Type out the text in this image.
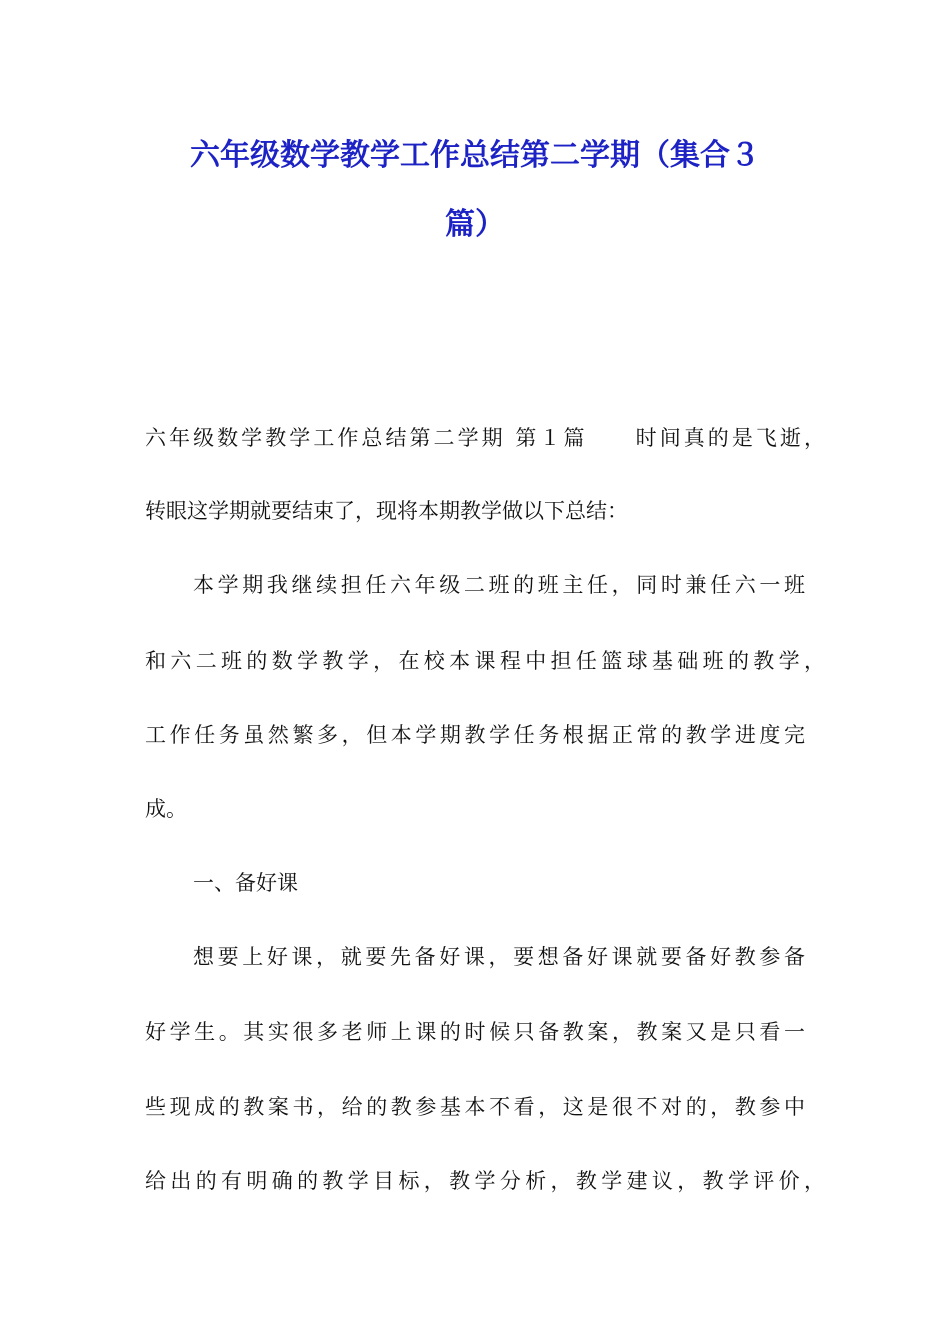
六年级数学教学工作总结第二学期（集合３
篇）
六年级数学教学工作总结第二学期 第１篇　　时间真的是飞逝，
转眼这学期就要结束了，现将本期教学做以下总结：
本学期我继续担任六年级二班的班主任，同时兼任六一班
和六二班的数学教学，在校本课程中担任篮球基础班的教学，
工作任务虽然繁多，但本学期教学任务根据正常的教学进度完
成。
一、备好课
想要上好课，就要先备好课，要想备好课就要备好教参备
好学生。其实很多老师上课的时候只备教案，教案又是只看一
些现成的教案书，给的教参基本不看，这是很不对的，教参中
给出的有明确的教学目标，教学分析，教学建议，教学评价，
